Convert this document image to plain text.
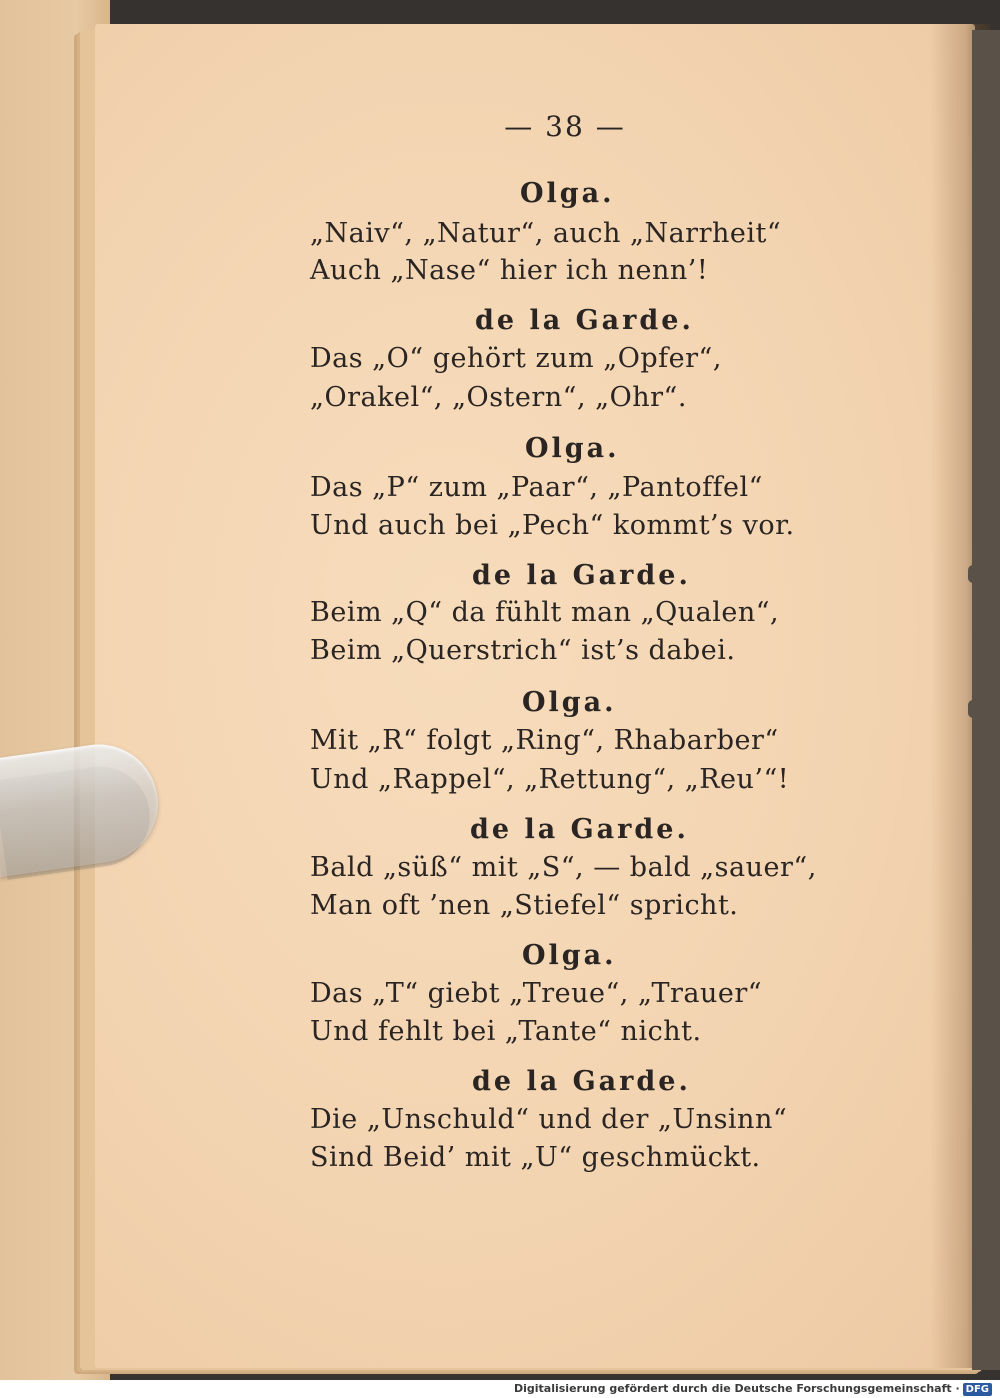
— 38 —
Olga.
„Naiv“, „Natur“, auch „Narrheit“
Auch „Nase“ hier ich nenn’!
de la Garde.
Das „O“ gehört zum „Opfer“,
„Orakel“, „Ostern“, „Ohr“.
Olga.
Das „P“ zum „Paar“, „Pantoffel“
Und auch bei „Pech“ kommt’s vor.
de la Garde.
Beim „Q“ da fühlt man „Qualen“,
Beim „Querstrich“ ist’s dabei.
Olga.
Mit „R“ folgt „Ring“, Rhabarber“
Und „Rappel“, „Rettung“, „Reu’“!
de la Garde.
Bald „süß“ mit „S“, — bald „sauer“,
Man oft ’nen „Stiefel“ spricht.
Olga.
Das „T“ giebt „Treue“, „Trauer“
Und fehlt bei „Tante“ nicht.
de la Garde.
Die „Unschuld“ und der „Unsinn“
Sind Beid’ mit „U“ geschmückt.
Digitalisierung gefördert durch die Deutsche Forschungsgemeinschaft · DFG
